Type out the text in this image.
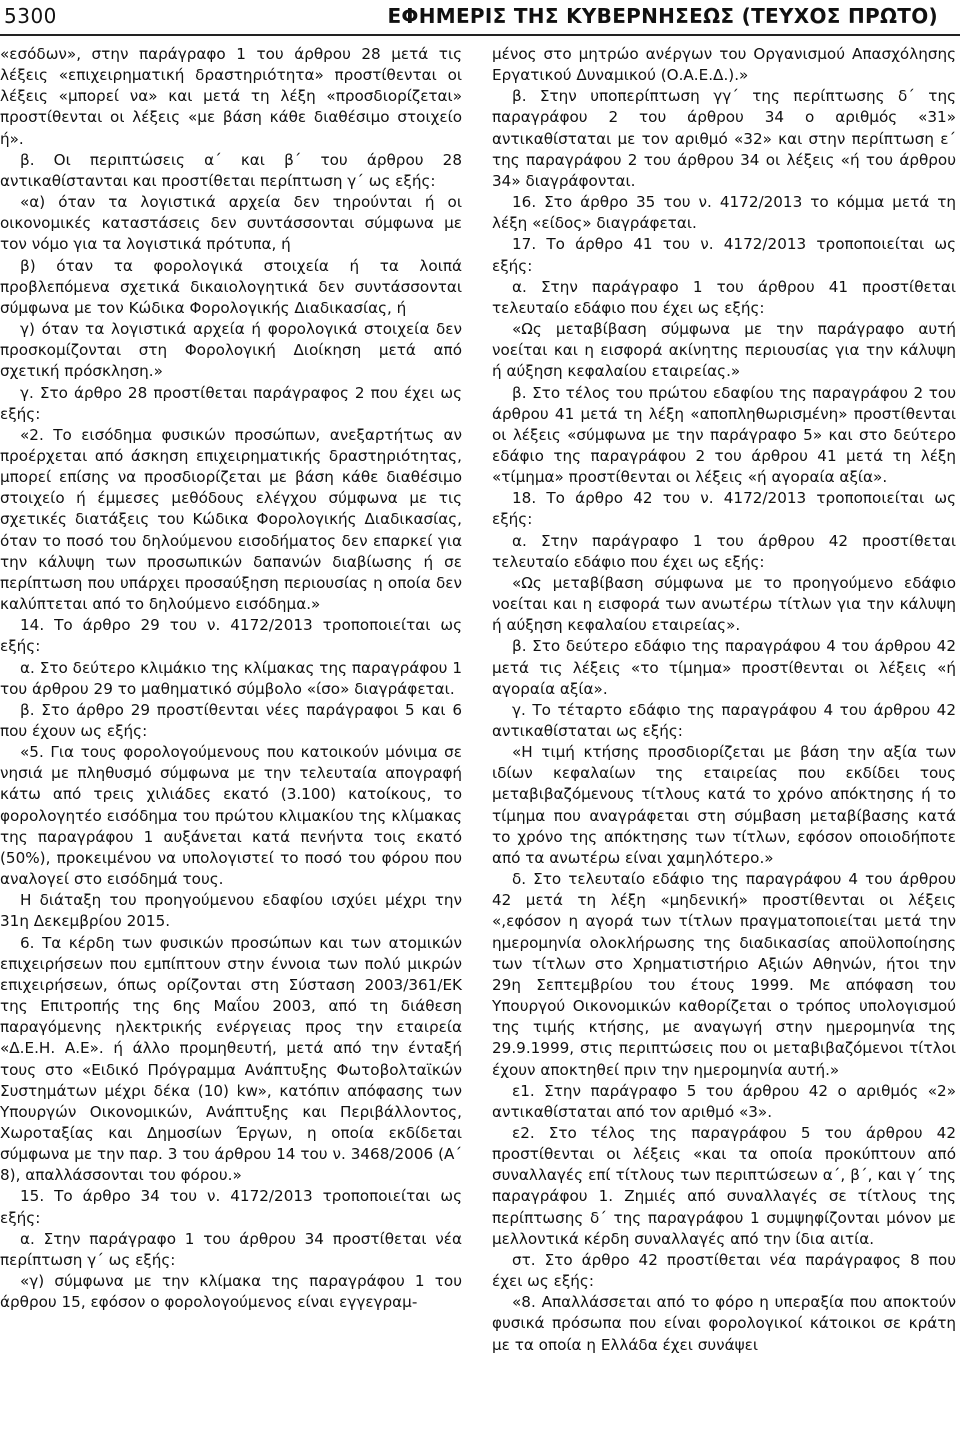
5300	ΕΦΗΜΕΡΙΣ ΤΗΣ ΚΥΒΕΡΝΗΣΕΩΣ (ΤΕΥΧΟΣ ΠΡΩΤΟ)

«εσόδων», στην παράγραφο 1 του άρθρου 28 μετά τις λέξεις «επιχειρηματική δραστηριότητα» προστίθενται οι λέξεις «μπορεί να» και μετά τη λέξη «προσδιορίζεται» προστίθενται οι λέξεις «με βάση κάθε διαθέσιμο στοιχείο ή».

β. Οι περιπτώσεις α΄ και β΄ του άρθρου 28 αντικαθίστανται και προστίθεται περίπτωση γ΄ ως εξής:

«α) όταν τα λογιστικά αρχεία δεν τηρούνται ή οι οικονομικές καταστάσεις δεν συντάσσονται σύμφωνα με τον νόμο για τα λογιστικά πρότυπα, ή

β) όταν τα φορολογικά στοιχεία ή τα λοιπά προβλεπόμενα σχετικά δικαιολογητικά δεν συντάσσονται σύμφωνα με τον Κώδικα Φορολογικής Διαδικασίας, ή

γ) όταν τα λογιστικά αρχεία ή φορολογικά στοιχεία δεν προσκομίζονται στη Φορολογική Διοίκηση μετά από σχετική πρόσκληση.»

γ. Στο άρθρο 28 προστίθεται παράγραφος 2 που έχει ως εξής:

«2. Το εισόδημα φυσικών προσώπων, ανεξαρτήτως αν προέρχεται από άσκηση επιχειρηματικής δραστηριότητας, μπορεί επίσης να προσδιορίζεται με βάση κάθε διαθέσιμο στοιχείο ή έμμεσες μεθόδους ελέγχου σύμφωνα με τις σχετικές διατάξεις του Κώδικα Φορολογικής Διαδικασίας, όταν το ποσό του δηλούμενου εισοδήματος δεν επαρκεί για την κάλυψη των προσωπικών δαπανών διαβίωσης ή σε περίπτωση που υπάρχει προσαύξηση περιουσίας η οποία δεν καλύπτεται από το δηλούμενο εισόδημα.»

14. Το άρθρο 29 του ν. 4172/2013 τροποποιείται ως εξής:

α. Στο δεύτερο κλιμάκιο της κλίμακας της παραγράφου 1 του άρθρου 29 το μαθηματικό σύμβολο «ίσο» διαγράφεται.

β. Στο άρθρο 29 προστίθενται νέες παράγραφοι 5 και 6 που έχουν ως εξής:

«5. Για τους φορολογούμενους που κατοικούν μόνιμα σε νησιά με πληθυσμό σύμφωνα με την τελευταία απογραφή κάτω από τρεις χιλιάδες εκατό (3.100) κατοίκους, το φορολογητέο εισόδημα του πρώτου κλιμακίου της κλίμακας της παραγράφου 1 αυξάνεται κατά πενήντα τοις εκατό (50%), προκειμένου να υπολογιστεί το ποσό του φόρου που αναλογεί στο εισόδημά τους.

Η διάταξη του προηγούμενου εδαφίου ισχύει μέχρι την 31η Δεκεμβρίου 2015.

6. Τα κέρδη των φυσικών προσώπων και των ατομικών επιχειρήσεων που εμπίπτουν στην έννοια των πολύ μικρών επιχειρήσεων, όπως ορίζονται στη Σύσταση 2003/361/ΕΚ της Επιτροπής της 6ης Μαΐου 2003, από τη διάθεση παραγόμενης ηλεκτρικής ενέργειας προς την εταιρεία «Δ.Ε.Η. Α.Ε». ή άλλο προμηθευτή, μετά από την ένταξή τους στο «Ειδικό Πρόγραμμα Ανάπτυξης Φωτοβολταϊκών Συστημάτων μέχρι δέκα (10) kw», κατόπιν απόφασης των Υπουργών Οικονομικών, Ανάπτυξης και Περιβάλλοντος, Χωροταξίας και Δημοσίων Έργων, η οποία εκδίδεται σύμφωνα με την παρ. 3 του άρθρου 14 του ν. 3468/2006 (Α΄ 8), απαλλάσσονται του φόρου.»

15. Το άρθρο 34 του ν. 4172/2013 τροποποιείται ως εξής:

α. Στην παράγραφο 1 του άρθρου 34 προστίθεται νέα περίπτωση γ΄ ως εξής:

«γ) σύμφωνα με την κλίμακα της παραγράφου 1 του άρθρου 15, εφόσον ο φορολογούμενος είναι εγγεγραμ-

μένος στο μητρώο ανέργων του Οργανισμού Απασχόλησης Εργατικού Δυναμικού (Ο.Α.Ε.Δ.).»

β. Στην υποπερίπτωση γγ΄ της περίπτωσης δ΄ της παραγράφου 2 του άρθρου 34 ο αριθμός «31» αντικαθίσταται με τον αριθμό «32» και στην περίπτωση ε΄ της παραγράφου 2 του άρθρου 34 οι λέξεις «ή του άρθρου 34» διαγράφονται.

16. Στο άρθρο 35 του ν. 4172/2013 το κόμμα μετά τη λέξη «είδος» διαγράφεται.

17. Το άρθρο 41 του ν. 4172/2013 τροποποιείται ως εξής:

α. Στην παράγραφο 1 του άρθρου 41 προστίθεται τελευταίο εδάφιο που έχει ως εξής:

«Ως μεταβίβαση σύμφωνα με την παράγραφο αυτή νοείται και η εισφορά ακίνητης περιουσίας για την κάλυψη ή αύξηση κεφαλαίου εταιρείας.»

β. Στο τέλος του πρώτου εδαφίου της παραγράφου 2 του άρθρου 41 μετά τη λέξη «αποπληθωρισμένη» προστίθενται οι λέξεις «σύμφωνα με την παράγραφο 5» και στο δεύτερο εδάφιο της παραγράφου 2 του άρθρου 41 μετά τη λέξη «τίμημα» προστίθενται οι λέξεις «ή αγοραία αξία».

18. Το άρθρο 42 του ν. 4172/2013 τροποποιείται ως εξής:

α. Στην παράγραφο 1 του άρθρου 42 προστίθεται τελευταίο εδάφιο που έχει ως εξής:

«Ως μεταβίβαση σύμφωνα με το προηγούμενο εδάφιο νοείται και η εισφορά των ανωτέρω τίτλων για την κάλυψη ή αύξηση κεφαλαίου εταιρείας».

β. Στο δεύτερο εδάφιο της παραγράφου 4 του άρθρου 42 μετά τις λέξεις «το τίμημα» προστίθενται οι λέξεις «ή αγοραία αξία».

γ. Το τέταρτο εδάφιο της παραγράφου 4 του άρθρου 42 αντικαθίσταται ως εξής:

«Η τιμή κτήσης προσδιορίζεται με βάση την αξία των ιδίων κεφαλαίων της εταιρείας που εκδίδει τους μεταβιβαζόμενους τίτλους κατά το χρόνο απόκτησης ή το τίμημα που αναγράφεται στη σύμβαση μεταβίβασης κατά το χρόνο της απόκτησης των τίτλων, εφόσον οποιοδήποτε από τα ανωτέρω είναι χαμηλότερο.»

δ. Στο τελευταίο εδάφιο της παραγράφου 4 του άρθρου 42 μετά τη λέξη «μηδενική» προστίθενται οι λέξεις «,εφόσον η αγορά των τίτλων πραγματοποιείται μετά την ημερομηνία ολοκλήρωσης της διαδικασίας αποϋλοποίησης των τίτλων στο Χρηματιστήριο Αξιών Αθηνών, ήτοι την 29η Σεπτεμβρίου του έτους 1999. Με απόφαση του Υπουργού Οικονομικών καθορίζεται ο τρόπος υπολογισμού της τιμής κτήσης, με αναγωγή στην ημερομηνία της 29.9.1999, στις περιπτώσεις που οι μεταβιβαζόμενοι τίτλοι έχουν αποκτηθεί πριν την ημερομηνία αυτή.»

ε1. Στην παράγραφο 5 του άρθρου 42 ο αριθμός «2» αντικαθίσταται από τον αριθμό «3».

ε2. Στο τέλος της παραγράφου 5 του άρθρου 42 προστίθενται οι λέξεις «και τα οποία προκύπτουν από συναλλαγές επί τίτλους των περιπτώσεων α΄, β΄, και γ΄ της παραγράφου 1. Ζημιές από συναλλαγές σε τίτλους της περίπτωσης δ΄ της παραγράφου 1 συμψηφίζονται μόνον με μελλοντικά κέρδη συναλλαγές από την ίδια αιτία.

στ. Στο άρθρο 42 προστίθεται νέα παράγραφος 8 που έχει ως εξής:

«8. Απαλλάσσεται από το φόρο η υπεραξία που αποκτούν φυσικά πρόσωπα που είναι φορολογικοί κάτοικοι σε κράτη με τα οποία η Ελλάδα έχει συνάψει
